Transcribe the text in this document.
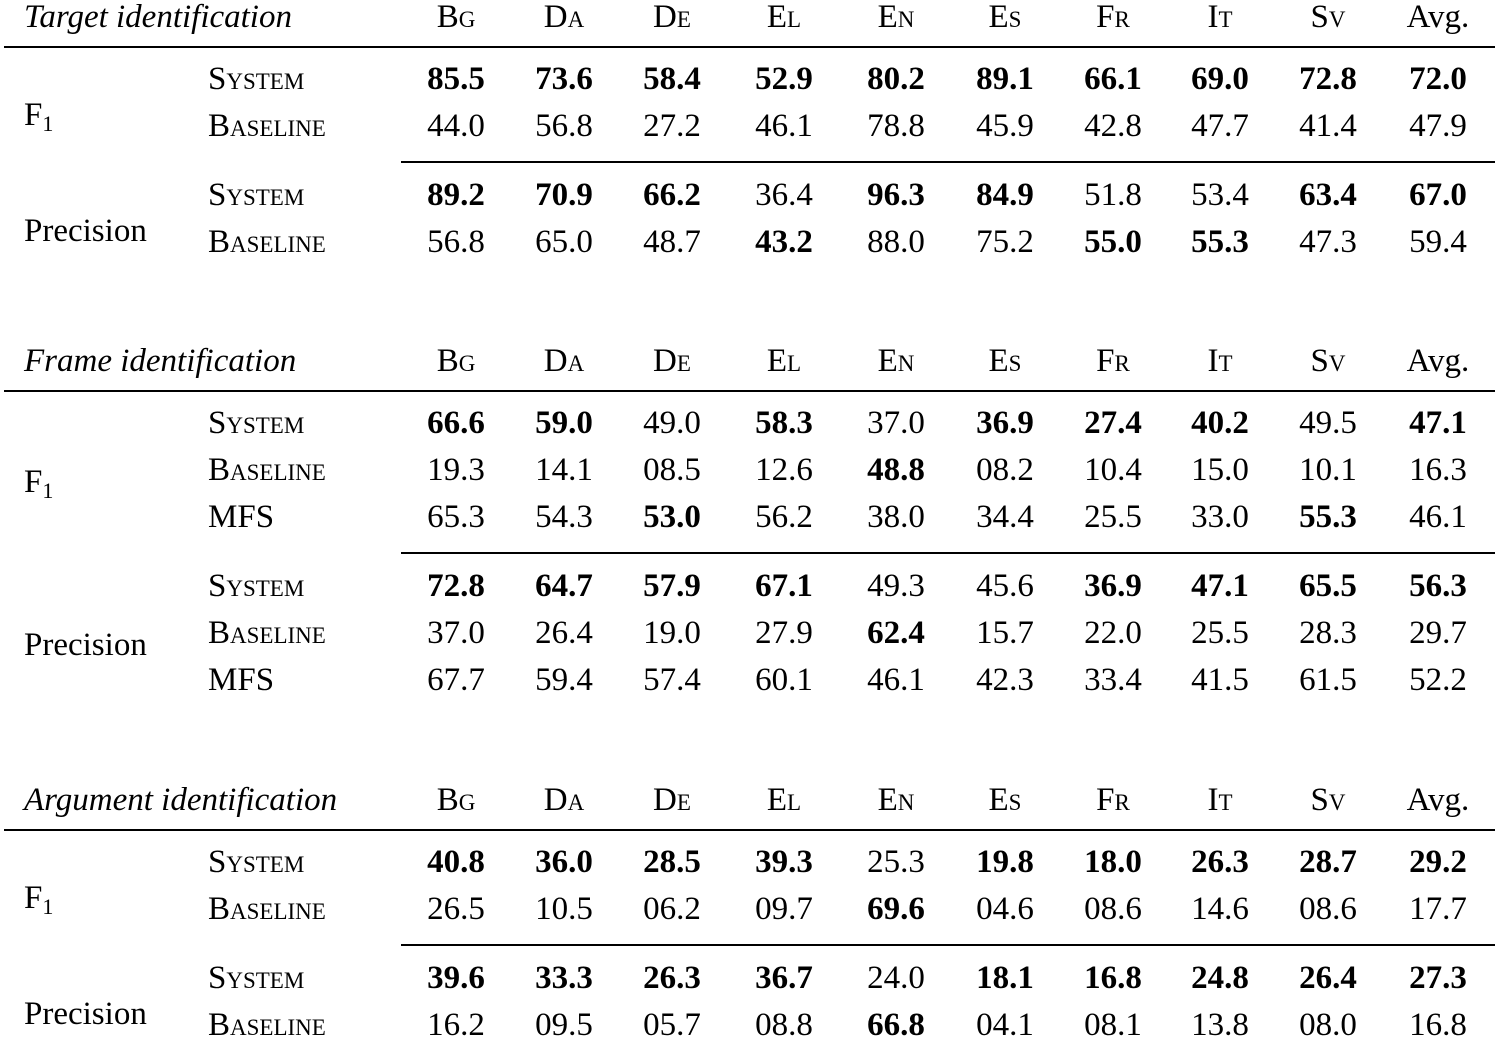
Target identification	Bg	Da	De	El	En	Es	Fr	It	Sv	Avg.
$F_1$
System	85.5	73.6	58.4	52.9	80.2	89.1	66.1	69.0	72.8	72.0
Baseline	44.0	56.8	27.2	46.1	78.8	45.9	42.8	47.7	41.4	47.9
Precision
System	89.2	70.9	66.2	36.4	96.3	84.9	51.8	53.4	63.4	67.0
Baseline	56.8	65.0	48.7	43.2	88.0	75.2	55.0	55.3	47.3	59.4
Frame identification	Bg	Da	De	El	En	Es	Fr	It	Sv	Avg.
$F_1$
System	66.6	59.0	49.0	58.3	37.0	36.9	27.4	40.2	49.5	47.1
Baseline	19.3	14.1	08.5	12.6	48.8	08.2	10.4	15.0	10.1	16.3
MFS	65.3	54.3	53.0	56.2	38.0	34.4	25.5	33.0	55.3	46.1
Precision
System	72.8	64.7	57.9	67.1	49.3	45.6	36.9	47.1	65.5	56.3
Baseline	37.0	26.4	19.0	27.9	62.4	15.7	22.0	25.5	28.3	29.7
MFS	67.7	59.4	57.4	60.1	46.1	42.3	33.4	41.5	61.5	52.2
Argument identification	Bg	Da	De	El	En	Es	Fr	It	Sv	Avg.
$F_1$
System	40.8	36.0	28.5	39.3	25.3	19.8	18.0	26.3	28.7	29.2
Baseline	26.5	10.5	06.2	09.7	69.6	04.6	08.6	14.6	08.6	17.7
Precision
System	39.6	33.3	26.3	36.7	24.0	18.1	16.8	24.8	26.4	27.3
Baseline	16.2	09.5	05.7	08.8	66.8	04.1	08.1	13.8	08.0	16.8
